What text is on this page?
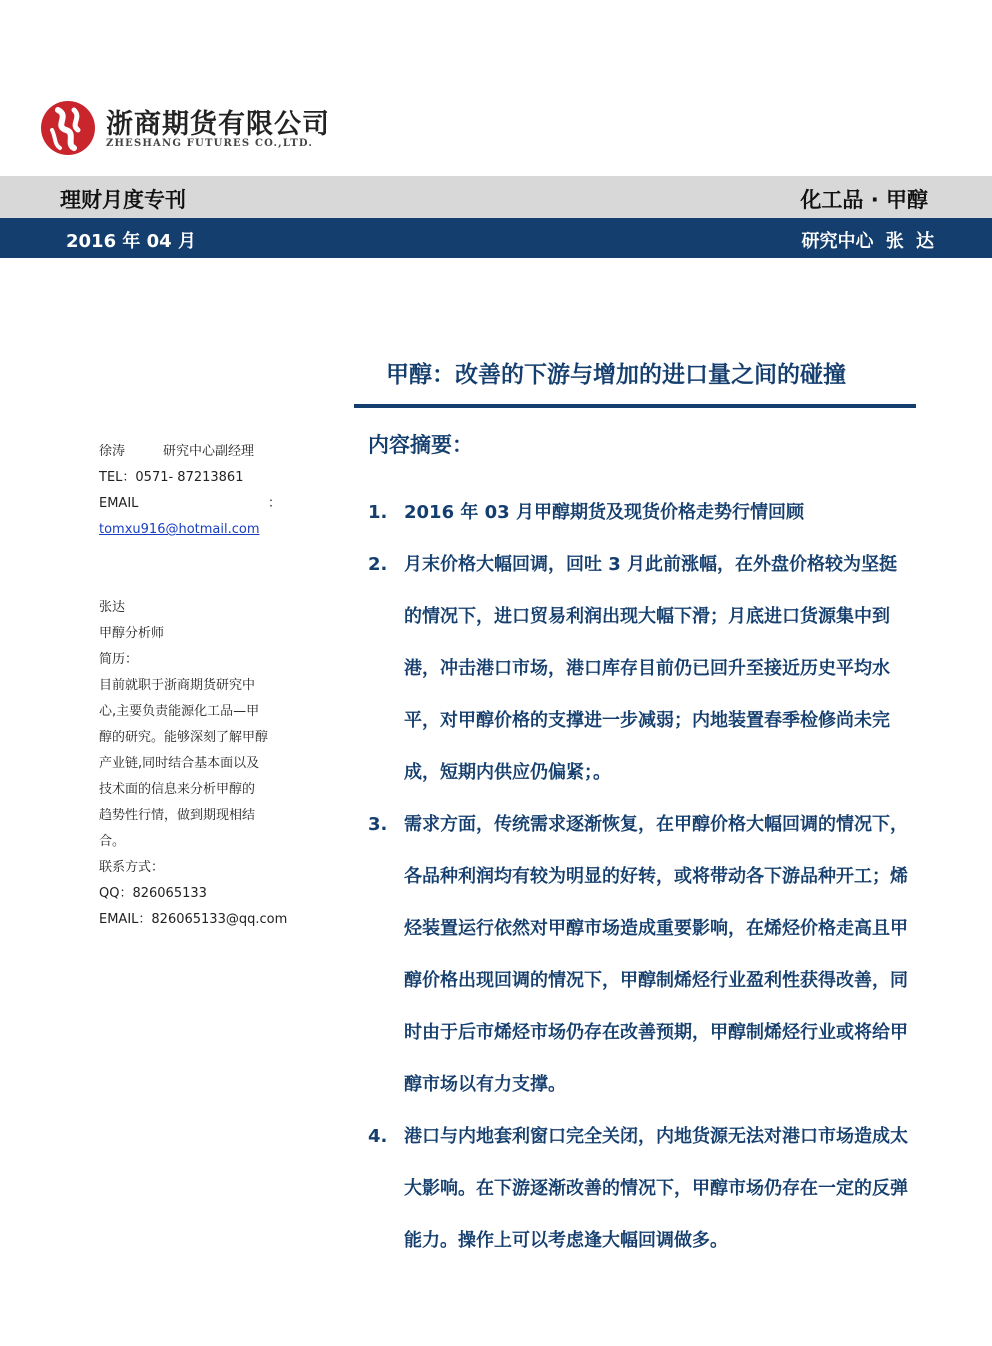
浙商期货有限公司
ZHESHANG FUTURES CO.,LTD.
理财月度专刊	化工品 · 甲醇
2016 年 04 月	研究中心 张 达
甲醇：改善的下游与增加的进口量之间的碰撞
内容摘要：
徐涛	研究中心副经理
TEL：0571- 87213861
EMAIL	：
tomxu916@hotmail.com
张达
甲醇分析师
简历：
目前就职于浙商期货研究中
心,主要负责能源化工品—甲
醇的研究。能够深刻了解甲醇
产业链,同时结合基本面以及
技术面的信息来分析甲醇的
趋势性行情，做到期现相结
合。
联系方式：
QQ：826065133
EMAIL：826065133@qq.com
1. 2016 年 03 月甲醇期货及现货价格走势行情回顾
2. 月末价格大幅回调，回吐 3 月此前涨幅，在外盘价格较为坚挺的情况下，进口贸易利润出现大幅下滑；月底进口货源集中到港，冲击港口市场，港口库存目前仍已回升至接近历史平均水平，对甲醇价格的支撑进一步减弱；内地装置春季检修尚未完成，短期内供应仍偏紧；。
3. 需求方面，传统需求逐渐恢复，在甲醇价格大幅回调的情况下，各品种利润均有较为明显的好转，或将带动各下游品种开工；烯烃装置运行依然对甲醇市场造成重要影响，在烯烃价格走高且甲醇价格出现回调的情况下，甲醇制烯烃行业盈利性获得改善，同时由于后市烯烃市场仍存在改善预期，甲醇制烯烃行业或将给甲醇市场以有力支撑。
4. 港口与内地套利窗口完全关闭，内地货源无法对港口市场造成太大影响。在下游逐渐改善的情况下，甲醇市场仍存在一定的反弹能力。操作上可以考虑逢大幅回调做多。
